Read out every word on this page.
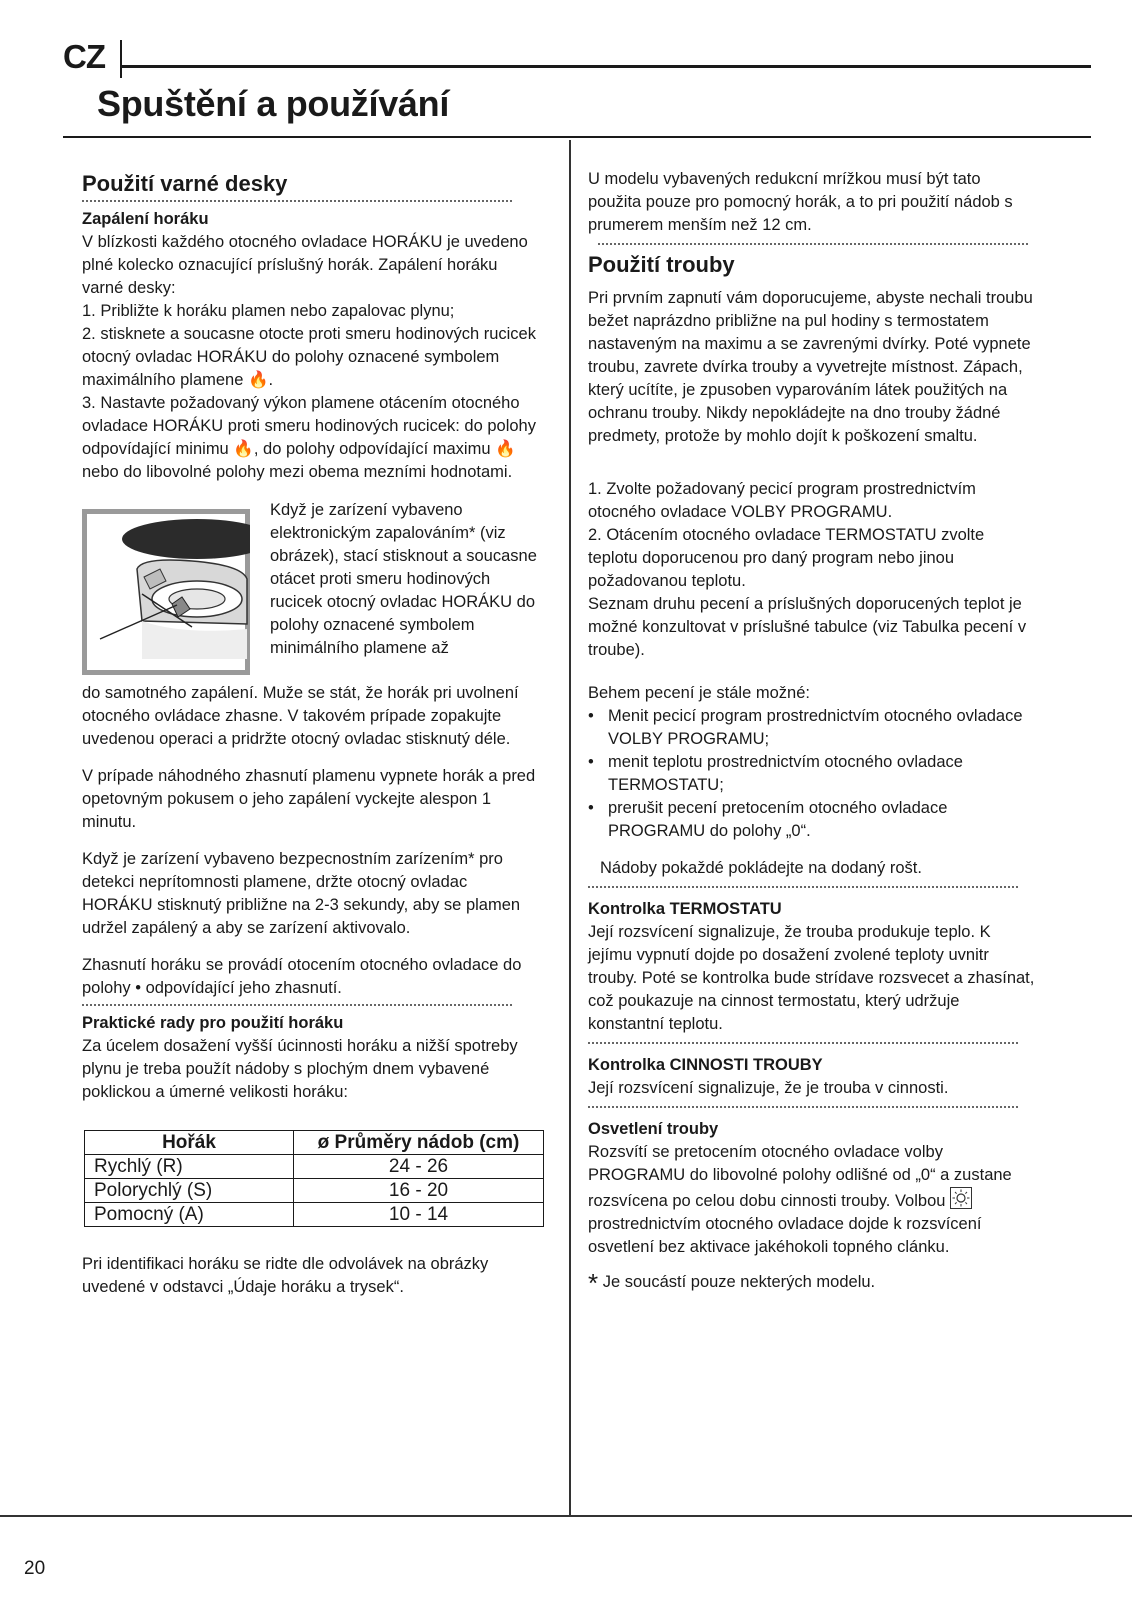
CZ
Spuštění a používání
Použití varné desky
Zapálení horáku

V blízkosti každého otocného ovladace HORÁKU je uvedeno plné kolecko oznacující príslušný horák. Zapálení horáku varné desky:

1. Približte k horáku plamen nebo zapalovac plynu;

2. stisknete a soucasne otocte proti smeru hodinových rucicek otocný ovladac HORÁKU do polohy oznacené symbolem maximálního plamene 🔥.

3. Nastavte požadovaný výkon plamene otácením otocného ovladace HORÁKU proti smeru hodinových rucicek: do polohy odpovídající minimu 🔥, do polohy odpovídající maximu 🔥 nebo do libovolné polohy mezi obema mezními hodnotami.

Když je zarízení vybaveno elektronickým zapalováním* (viz obrázek), stací stisknout a soucasne otácet proti smeru hodinových rucicek otocný ovladac HORÁKU do polohy oznacené symbolem minimálního plamene až

do samotného zapálení. Muže se stát, že horák pri uvolnení otocného ovládace zhasne. V takovém prípade zopakujte uvedenou operaci a pridržte otocný ovladac stisknutý déle.

V prípade náhodného zhasnutí plamenu vypnete horák a pred opetovným pokusem o jeho zapálení vyckejte alespon 1 minutu.

Když je zarízení vybaveno bezpecnostním zarízením* pro detekci neprítomnosti plamene, držte otocný ovladac HORÁKU stisknutý približne na 2-3 sekundy, aby se plamen udržel zapálený a aby se zarízení aktivovalo.

Zhasnutí horáku se provádí otocením otocného ovladace do polohy • odpovídající jeho zhasnutí.

Praktické rady pro použití horáku

Za úcelem dosažení vyšší úcinnosti horáku a nižší spotreby plynu je treba použít nádoby s plochým dnem vybavené poklickou a úmerné velikosti horáku:

Hořák	ø Průměry nádob (cm)
Rychlý (R)	24 - 26
Polorychlý (S)	16 - 20
Pomocný (A)	10 - 14

Pri identifikaci horáku se ridte dle odvolávek na obrázky uvedené v odstavci „Údaje horáku a trysek“.

U modelu vybavených redukcní mrížkou musí být tato použita pouze pro pomocný horák, a to pri použití nádob s prumerem menším než 12 cm.

Použití trouby

Pri prvním zapnutí vám doporucujeme, abyste nechali troubu bežet naprázdno približne na pul hodiny s termostatem nastaveným na maximu a se zavrenými dvírky. Poté vypnete troubu, zavrete dvírka trouby a vyvetrejte místnost. Zápach, který ucítíte, je zpusoben vyparováním látek použitých na ochranu trouby. Nikdy nepokládejte na dno trouby žádné predmety, protože by mohlo dojít k poškození smaltu.

1. Zvolte požadovaný pecicí program prostrednictvím otocného ovladace VOLBY PROGRAMU.

2. Otácením otocného ovladace TERMOSTATU zvolte teplotu doporucenou pro daný program nebo jinou požadovanou teplotu.

Seznam druhu pecení a príslušných doporucených teplot je možné konzultovat v príslušné tabulce (viz Tabulka pecení v troube).

Behem pecení je stále možné:

• Menit pecicí program prostrednictvím otocného ovladace VOLBY PROGRAMU;
• menit teplotu prostrednictvím otocného ovladace TERMOSTATU;
• prerušit pecení pretocením otocného ovladace PROGRAMU do polohy „0“.

Nádoby pokaždé pokládejte na dodaný rošt.

Kontrolka TERMOSTATU

Její rozsvícení signalizuje, že trouba produkuje teplo. K jejímu vypnutí dojde po dosažení zvolené teploty uvnitr trouby. Poté se kontrolka bude strídave rozsvecet a zhasínat, což poukazuje na cinnost termostatu, který udržuje konstantní teplotu.

Kontrolka CINNOSTI TROUBY

Její rozsvícení signalizuje, že je trouba v cinnosti.

Osvetlení trouby

Rozsvítí se pretocením otocného ovladace volby PROGRAMU do libovolné polohy odlišné od „0“ a zustane rozsvícena po celou dobu cinnosti trouby. Volbou
prostrednictvím otocného ovladace dojde k rozsvícení osvetlení bez aktivace jakéhokoli topného clánku.

* Je soucástí pouze nekterých modelu.

20
